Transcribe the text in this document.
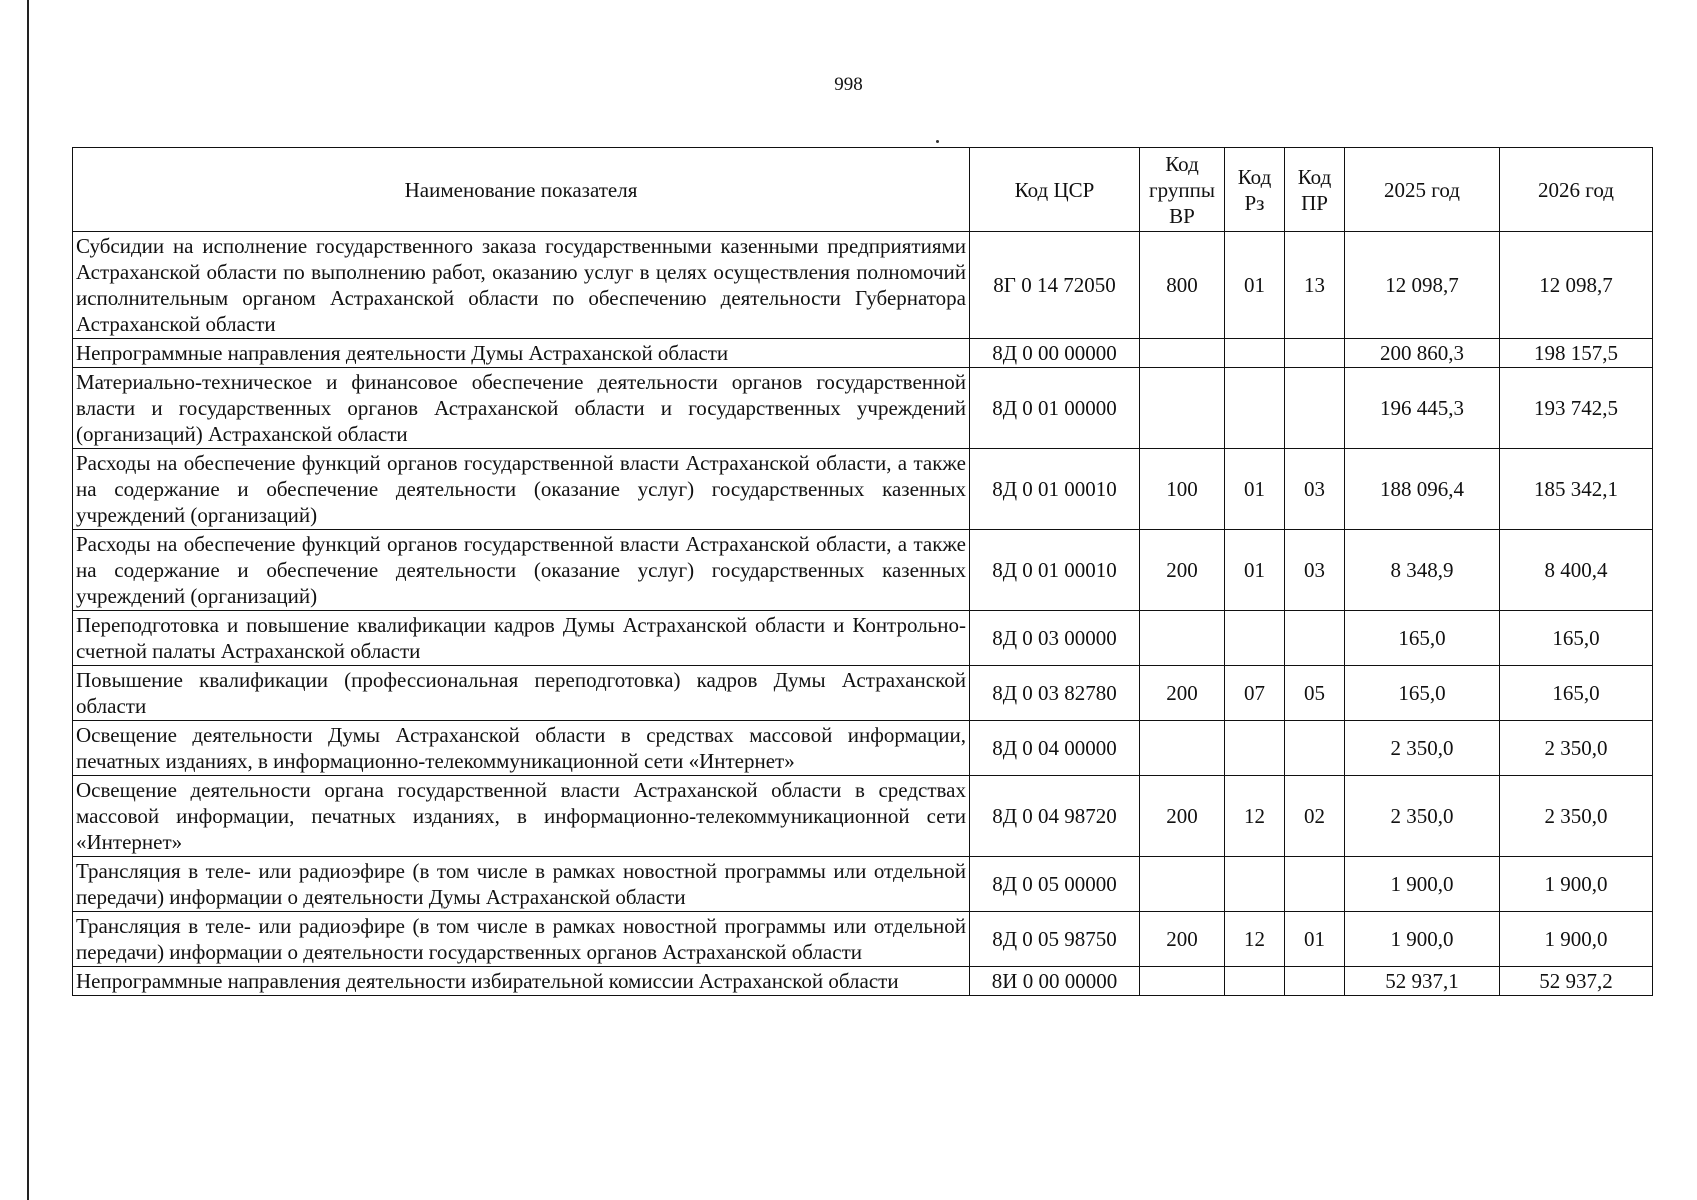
998
Наименование показателя	Код ЦСР	Код группы ВР	Код Рз	Код ПР	2025 год	2026 год
Субсидии на исполнение государственного заказа государственными казенными предприятиями Астраханской области по выполнению работ, оказанию услуг в целях осуществления полномочий исполнительным органом Астраханской области по обеспечению деятельности Губернатора Астраханской области	8Г 0 14 72050	800	01	13	12 098,7	12 098,7
Непрограммные направления деятельности Думы Астраханской области	8Д 0 00 00000				200 860,3	198 157,5
Материально-техническое и финансовое обеспечение деятельности органов государственной власти и государственных органов Астраханской области и государственных учреждений (организаций) Астраханской области	8Д 0 01 00000				196 445,3	193 742,5
Расходы на обеспечение функций органов государственной власти Астраханской области, а также на содержание и обеспечение деятельности (оказание услуг) государственных казенных учреждений (организаций)	8Д 0 01 00010	100	01	03	188 096,4	185 342,1
Расходы на обеспечение функций органов государственной власти Астраханской области, а также на содержание и обеспечение деятельности (оказание услуг) государственных казенных учреждений (организаций)	8Д 0 01 00010	200	01	03	8 348,9	8 400,4
Переподготовка и повышение квалификации кадров Думы Астраханской области и Контрольно-счетной палаты Астраханской области	8Д 0 03 00000				165,0	165,0
Повышение квалификации (профессиональная переподготовка) кадров Думы Астраханской области	8Д 0 03 82780	200	07	05	165,0	165,0
Освещение деятельности Думы Астраханской области в средствах массовой информации, печатных изданиях, в информационно-телекоммуникационной сети «Интернет»	8Д 0 04 00000				2 350,0	2 350,0
Освещение деятельности органа государственной власти Астраханской области в средствах массовой информации, печатных изданиях, в информационно-телекоммуникационной сети «Интернет»	8Д 0 04 98720	200	12	02	2 350,0	2 350,0
Трансляция в теле- или радиоэфире (в том числе в рамках новостной программы или отдельной передачи) информации о деятельности Думы Астраханской области	8Д 0 05 00000				1 900,0	1 900,0
Трансляция в теле- или радиоэфире (в том числе в рамках новостной программы или отдельной передачи) информации о деятельности государственных органов Астраханской области	8Д 0 05 98750	200	12	01	1 900,0	1 900,0
Непрограммные направления деятельности избирательной комиссии Астраханской области	8И 0 00 00000				52 937,1	52 937,2
